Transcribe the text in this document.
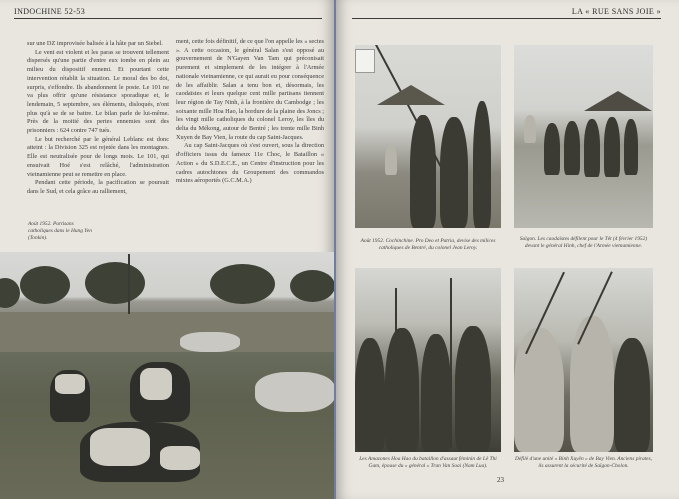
INDOCHINE 52-53

sur une DZ improvisée balisée à la hâte par un Siebel.

Le vent est violent et les paras se trouvent tellement dispersés qu'une partie d'entre eux tombe en plein au milieu du dispositif ennemi. Et pourtant cette intervention rétablit la situation. Le moral des bo doi, surpris, s'effondre. Ils abandonnent le poste. Le 101 ne va plus offrir qu'une résistance sporadique et, le lendemain, 5 septembre, ses éléments, disloqués, n'ont plus qu'à se de se battre. Le bilan parle de lui-même. Près de la moitié des pertes ennemies sont des prisonniers : 624 contre 747 tués.

Le but recherché par le général Leblanc est donc atteint : la Division 325 est rejetée dans les montagnes. Elle est neutralisée pour de longs mois. Le 101, qui ensuivait Hoé s'est relâché, l'administration vietnamienne peut se remettre en place.

Pendant cette période, la pacification se poursuit dans le Sud, et cela grâce au ralliement,

ment, cette fois définitif, de ce que l'on appelle les « sectes ». A cette occasion, le général Salan s'est opposé au gouvernement de N'Gayen Van Tam qui préconisait purement et simplement de les intégrer à l'Armée nationale vietnamienne, ce qui aurait eu pour conséquence de les affaiblir. Salan a tenu bon et, désormais, les caodaïstes et leurs quelque cent mille partisans tiennent leur région de Tay Ninh, à la frontière du Cambodge ; les soixante mille Hoa Hao, la bordure de la plaine des Joncs ; les vingt mille catholiques du colonel Leroy, les îles du delta du Mékong, autour de Bentré ; les trente mille Binh Xuyen de Bay Vien, la route du cap Saint-Jacques.

Au cap Saint-Jacques où s'est ouvert, sous la direction d'officiers issus du fameux 11e Choc, le Bataillon « Action » du S.D.E.C.E., un Centre d'instruction pour les cadres autochtones du Groupement des commandos mixtes aéroportés (G.C.M.A.)

Août 1952. Partisans catholiques dans le Hung Yen (Tonkin).
LA « RUE SANS JOIE »
Août 1952. Cochinchine. Pro Deo et Patria, devise des milices catholiques de Bentré, du colonel Jean Leroy.
Saïgon. Les caodaïstes défilent pour le Têt (4 février 1952) devant le général Hinh, chef de l'Armée vietnamienne.
Les Amazones Hoa Hao du bataillon d'assaut féminin de Lê Thi Gam, épouse du « général » Tran Van Soai (Nam Lua).
Défilé d'une unité « Binh Xuyên » de Bay Vien. Anciens pirates, ils assurent la sécurité de Saïgon-Cholon.
23
